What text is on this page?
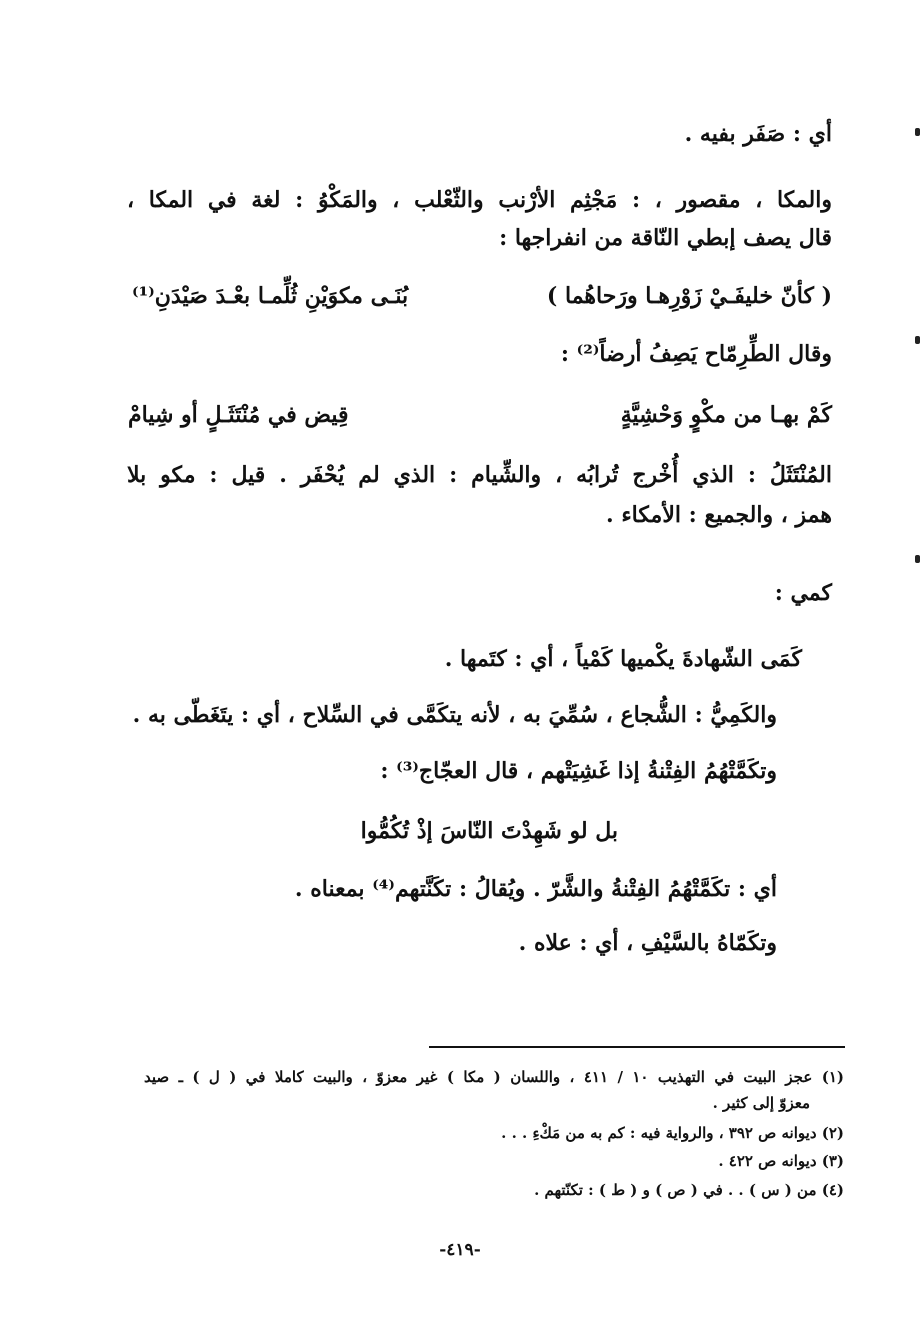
أي : صَفَر بفيه .
والمكا ، مقصور ، : مَجْثِم الأرْنب والثّعْلب ، والمَكْوُ : لغة في المكا ،
قال يصف إبطي النّاقة من انفراجها :
( كأنّ خليفَـيْ زَوْرِهـا ورَحاهُما )
بُنَـى مكوَيْنِ ثُلِّمـا بعْـدَ صَيْدَنِ⁽¹⁾
وقال الطِّرِمّاح يَصِفُ أرضاً⁽²⁾ :
كَمْ بهـا من مكْوٍ وَحْشِيَّةٍ
قِيض في مُنْتَثَـلٍ أو شِيامْ
المُنْتَثَلُ : الذي أُخْرج تُرابُه ، والشِّيام : الذي لم يُحْفَر . قيل : مكو بلا
همز ، والجميع : الأمكاء .
كمي :
كَمَى الشّهادةَ يكْميها كَمْياً ، أي : كتَمها .
والكَمِيُّ : الشُّجاع ، سُمِّيَ به ، لأنه يتكَمَّى في السِّلاح ، أي : يتَغَطّى به .
وتكَمَّتْهُمُ الفِتْنةُ إذا غَشِيَتْهم ، قال العجّاج⁽³⁾ :
بل لو شَهِدْتَ النّاسَ إذْ تُكُمُّوا
أي : تكَمَّتْهُمُ الفِتْنةُ والشَّرّ . ويُقالُ : تكَنَّتهم⁽⁴⁾ بمعناه .
وتكَمّاهُ بالسَّيْفِ ، أي : علاه .
(١) عجز البيت في التهذيب ١٠ / ٤١١ ، واللسان ( مكا ) غير معزوّ ، والبيت كاملا في ( ل ) ـ صيد
معزوّ إلى كثير .
(٢) ديوانه ص ٣٩٢ ، والرواية فيه : كم به من مَكْءِ . . .
(٣) ديوانه ص ٤٢٢ .
(٤) من ( س ) . . في ( ص ) و ( ط ) : تكنّتهم .
-٤١٩-
